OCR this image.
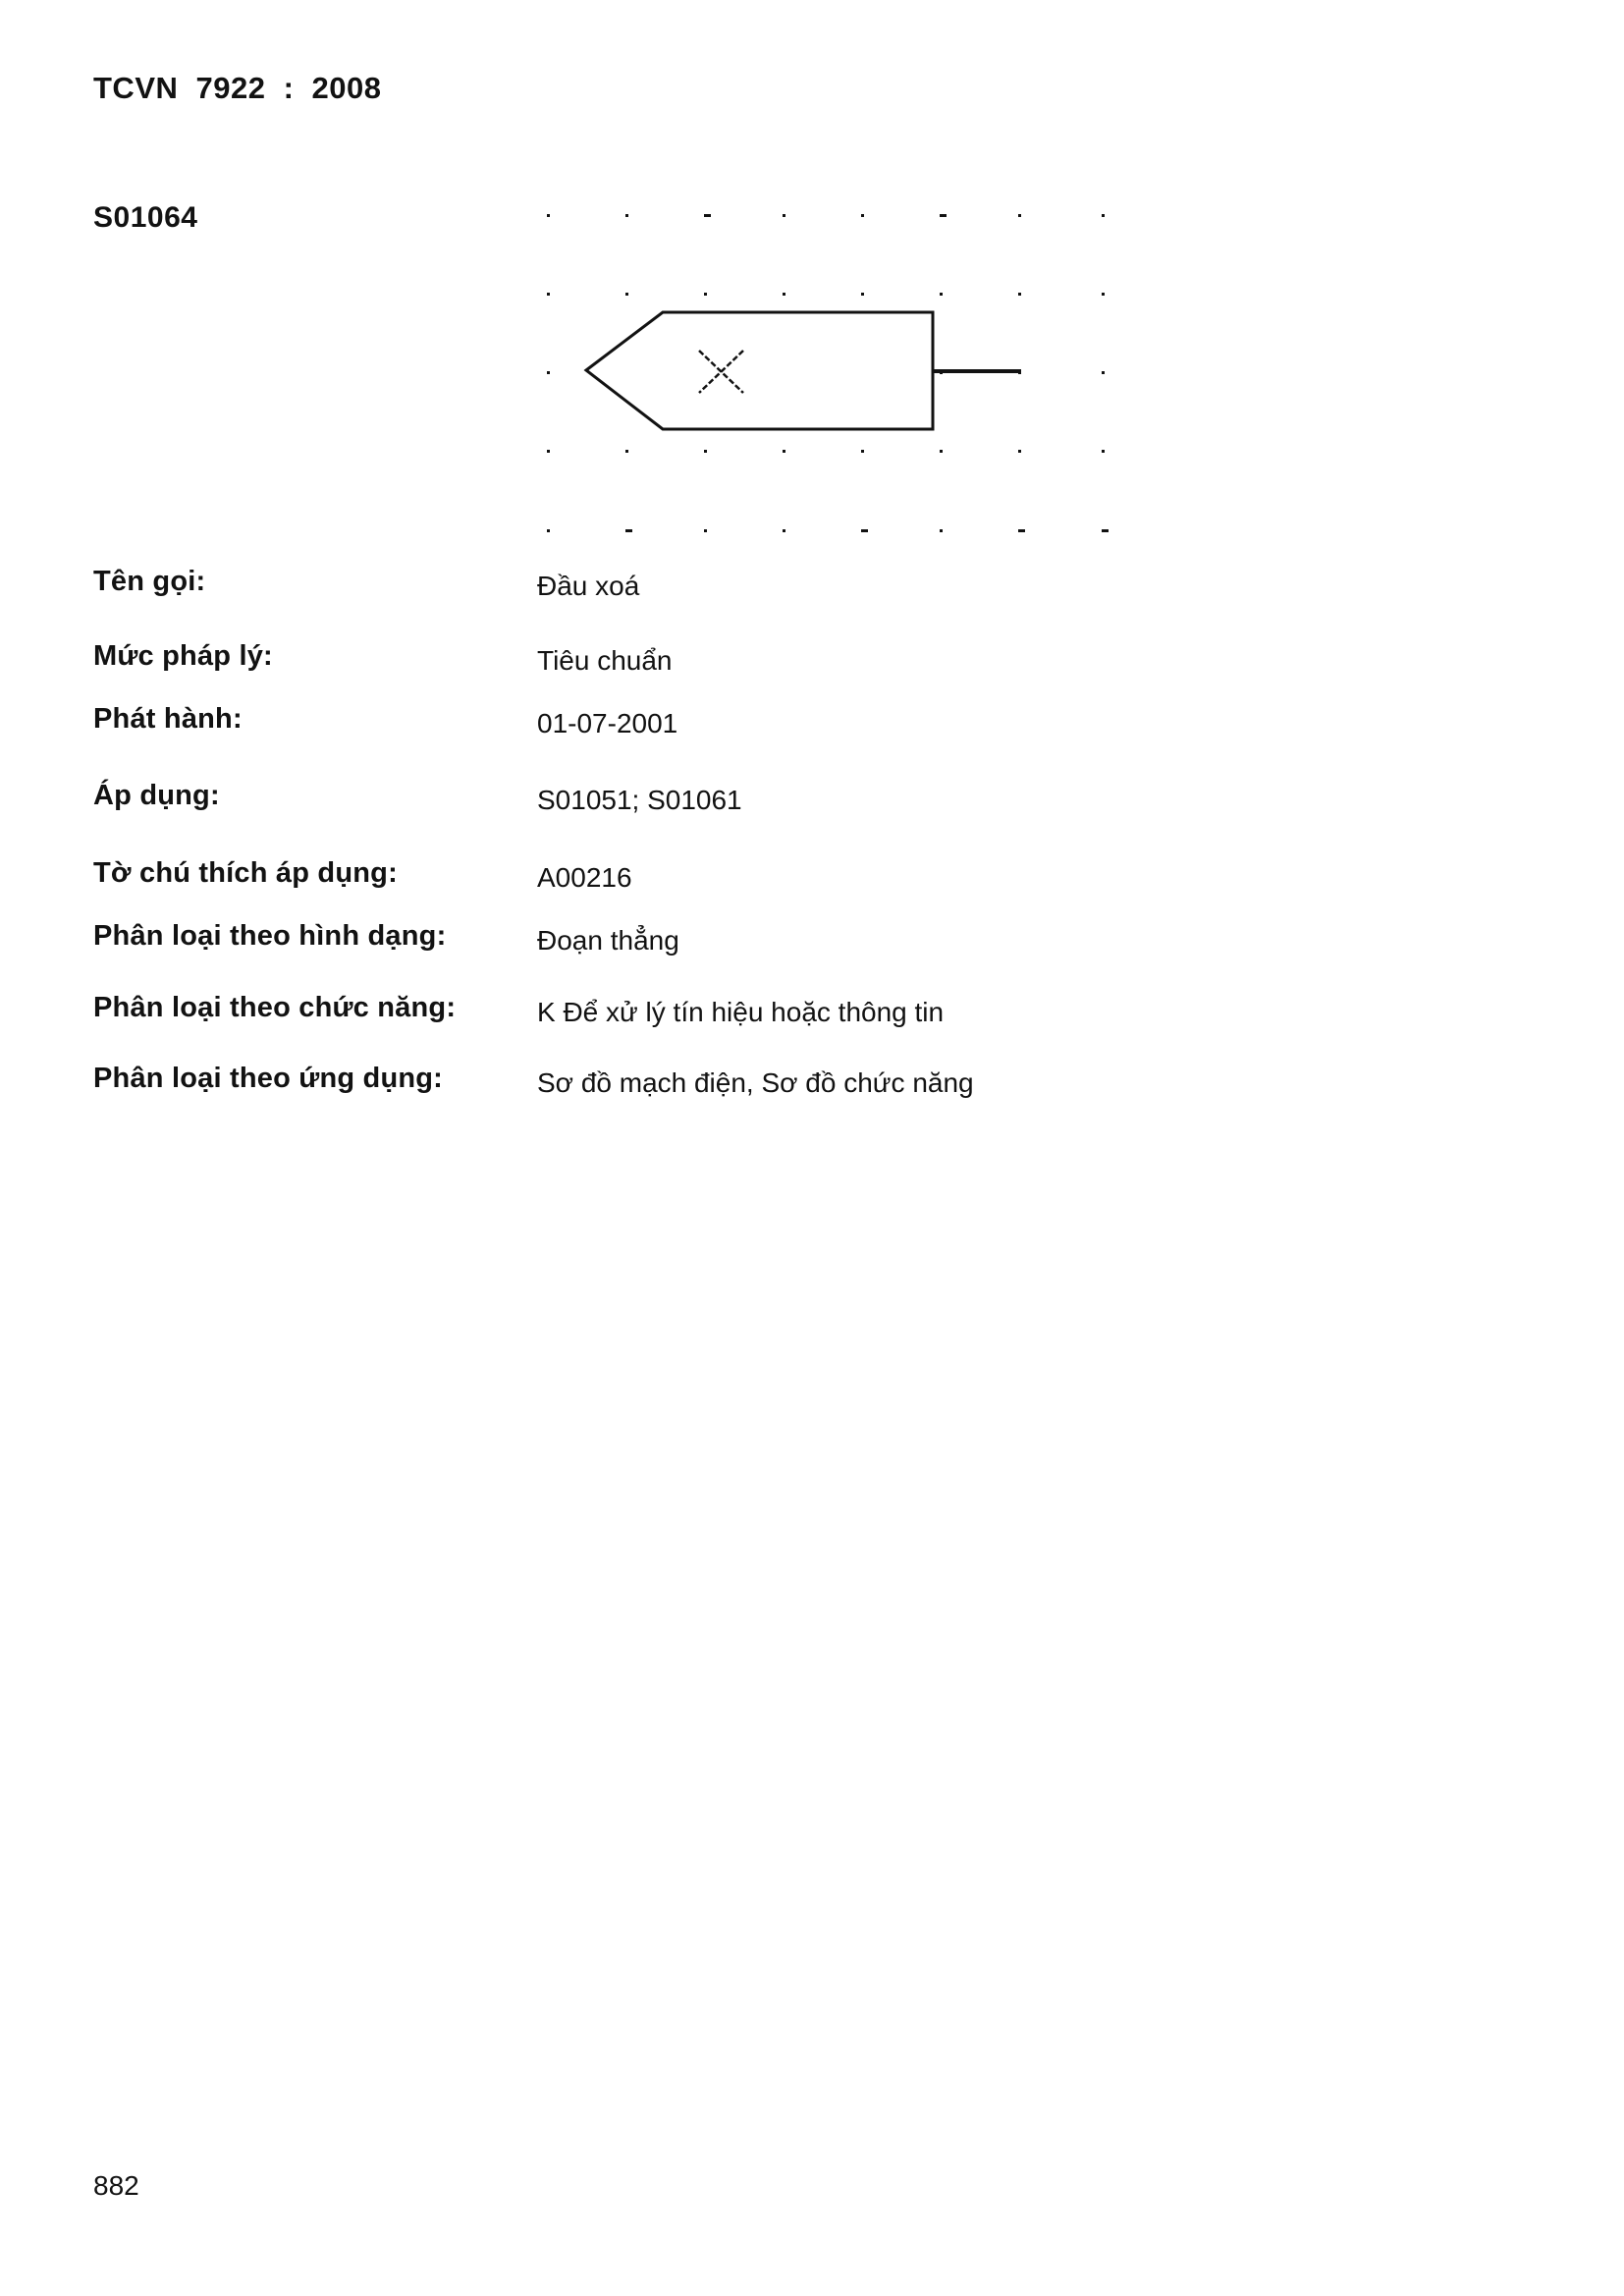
TCVN 7922 : 2008
S01064
Tên gọi:	Đầu xoá
Mức pháp lý:	Tiêu chuẩn
Phát hành:	01-07-2001
Áp dụng:	S01051; S01061
Tờ chú thích áp dụng:	A00216
Phân loại theo hình dạng:	Đoạn thẳng
Phân loại theo chức năng:	K Để xử lý tín hiệu hoặc thông tin
Phân loại theo ứng dụng:	Sơ đồ mạch điện, Sơ đồ chức năng
882
